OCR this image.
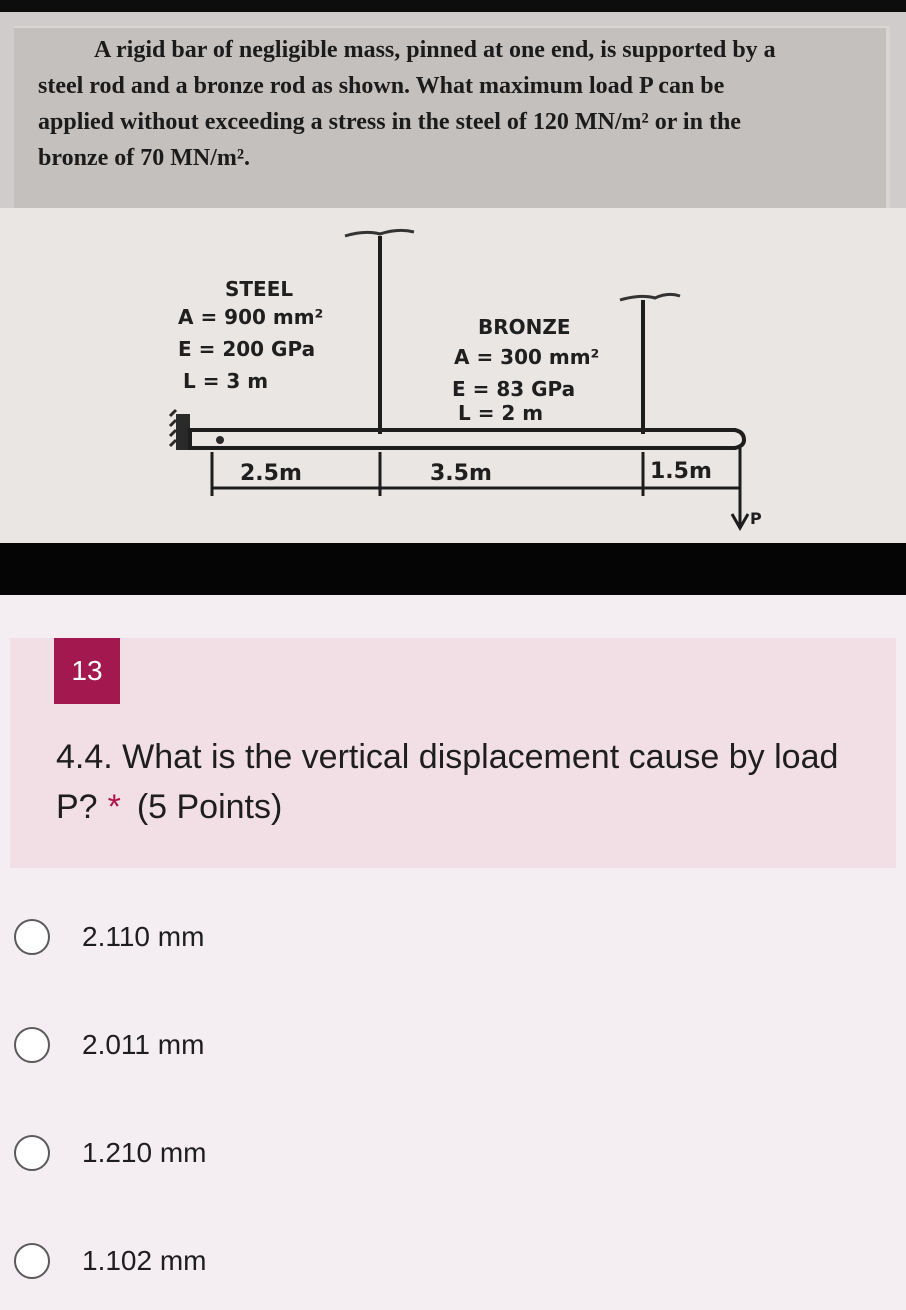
A rigid bar of negligible mass, pinned at one end, is supported by a
steel rod and a bronze rod as shown. What maximum load P can be
applied without exceeding a stress in the steel of 120 MN/m² or in the
bronze of 70 MN/m².
P
STEEL
A = 900 mm²
E = 200 GPa
L = 3 m
BRONZE
A = 300 mm²
E = 83 GPa
L = 2 m
2.5m	3.5m	1.5m
13
4.4. What is the vertical displacement cause by load P? * (5 Points)
2.110 mm
2.011 mm
1.210 mm
1.102 mm
